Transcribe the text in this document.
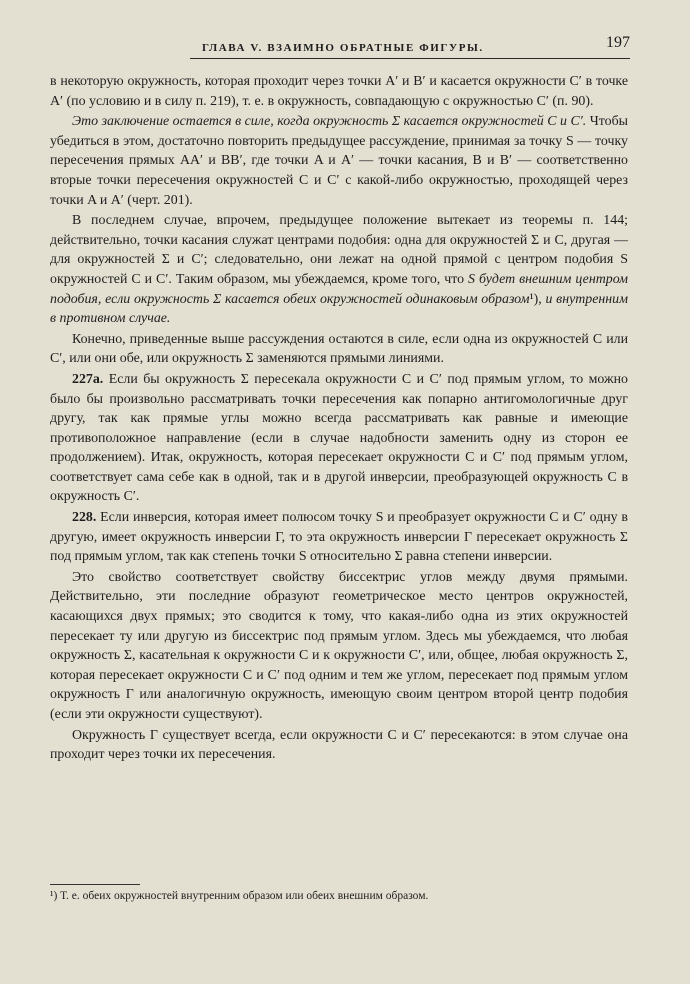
ГЛАВА V. ВЗАИМНО ОБРАТНЫЕ ФИГУРЫ.	197

в некоторую окружность, которая проходит через точки A′ и B′ и касается окружности C′ в точке A′ (по условию и в силу п. 219), т. е. в окружность, совпадающую с окружностью C′ (п. 90).

Это заключение остается в силе, когда окружность Σ касается окружностей C и C′. Чтобы убедиться в этом, достаточно повторить предыдущее рассуждение, принимая за точку S — точку пересечения прямых AA′ и BB′, где точки A и A′ — точки касания, B и B′ — соответственно вторые точки пересечения окружностей C и C′ с какой-либо окружностью, проходящей через точки A и A′ (черт. 201).

В последнем случае, впрочем, предыдущее положение вытекает из теоремы п. 144; действительно, точки касания служат центрами подобия: одна для окружностей Σ и C, другая — для окружностей Σ и C′; следовательно, они лежат на одной прямой с центром подобия S окружностей C и C′. Таким образом, мы убеждаемся, кроме того, что S будет внешним центром подобия, если окружность Σ касается обеих окружностей одинаковым образом¹), и внутренним в противном случае.

Конечно, приведенные выше рассуждения остаются в силе, если одна из окружностей C или C′, или они обе, или окружность Σ заменяются прямыми линиями.

227а. Если бы окружность Σ пересекала окружности C и C′ под прямым углом, то можно было бы произвольно рассматривать точки пересечения как попарно антигомологичные друг другу, так как прямые углы можно всегда рассматривать как равные и имеющие противоположное направление (если в случае надобности заменить одну из сторон ее продолжением). Итак, окружность, которая пересекает окружности C и C′ под прямым углом, соответствует сама себе как в одной, так и в другой инверсии, преобразующей окружность C в окружность C′.

228. Если инверсия, которая имеет полюсом точку S и преобразует окружности C и C′ одну в другую, имеет окружность инверсии Γ, то эта окружность инверсии Γ пересекает окружность Σ под прямым углом, так как степень точки S относительно Σ равна степени инверсии.

Это свойство соответствует свойству биссектрис углов между двумя прямыми. Действительно, эти последние образуют геометрическое место центров окружностей, касающихся двух прямых; это сводится к тому, что какая-либо одна из этих окружностей пересекает ту или другую из биссектрис под прямым углом. Здесь мы убеждаемся, что любая окружность Σ, касательная к окружности C и к окружности C′, или, общее, любая окружность Σ, которая пересекает окружности C и C′ под одним и тем же углом, пересекает под прямым углом окружность Γ или аналогичную окружность, имеющую своим центром второй центр подобия (если эти окружности существуют).

Окружность Γ существует всегда, если окружности C и C′ пересекаются: в этом случае она проходит через точки их пересечения.

¹) Т. е. обеих окружностей внутренним образом или обеих внешним образом.
